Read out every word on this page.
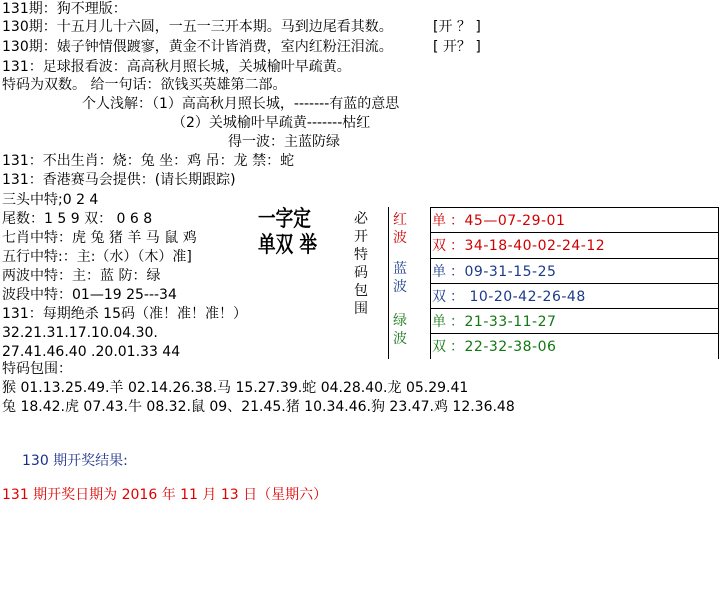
131期：狗不理版：
130期：十五月儿十六圆，一五一三开本期。马到边尾看其数。	[开 ？ ]
130期：婊子钟情偎踱寥，黄金不计皆消费，室内红粉汪泪流。	[ 开？ ]
131：足球报看波：高高秋月照长城，关城榆叶早疏黄。
特码为双数。 给一句话：欲钱买英雄第二部。
个人浅解：（1）高高秋月照长城，-------有蓝的意思
（2）关城榆叶早疏黄-------枯红
得一波：主蓝防绿
131：不出生肖：烧：兔 坐：鸡 吊：龙 禁：蛇
131：香港赛马会提供：(请长期跟踪)
三头中特;0 2 4
尾数：1 5 9 双： 0 6 8
七肖中特：虎 兔 猪 羊 马 鼠 鸡
五行中特:：主:（水）（木）准]
两波中特：主：蓝 防：绿
波段中特：01—19 25---34
131：每期绝杀 15码（准！准！准！）
32.21.31.17.10.04.30.
27.41.46.40 .20.01.33 44
特码包围：
猴 01.13.25.49.羊 02.14.26.38.马 15.27.39.蛇 04.28.40.龙 05.29.41
兔 18.42.虎 07.43.牛 08.32.鼠 09、21.45.猪 10.34.46.狗 23.47.鸡 12.36.48
130 期开奖结果:
131 期开奖日期为 2016 年 11 月 13 日（星期六）
一字定单双 举
必开特码包围
红波
蓝波
绿波
单 ：45—07-29-01
双 ：34-18-40-02-24-12
单 ：09-31-15-25
双 ： 10-20-42-26-48
单 ：21-33-11-27
双 ：22-32-38-06
